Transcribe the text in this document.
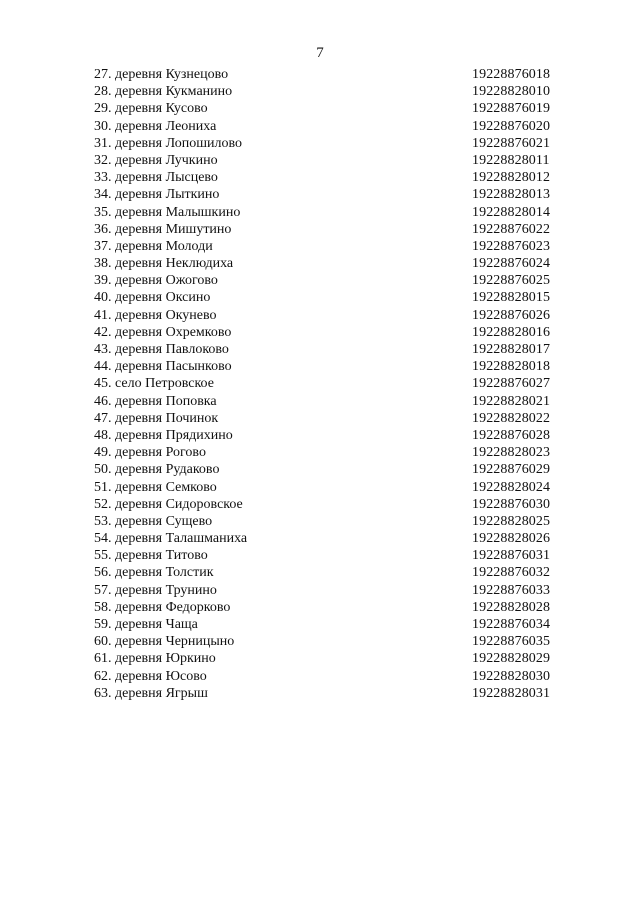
7
27. деревня Кузнецово	19228876018
28. деревня Кукманино	19228828010
29. деревня Кусово	19228876019
30. деревня Лeониха	19228876020
31. деревня Лопошилово	19228876021
32. деревня Лучкино	19228828011
33. деревня Лысцево	19228828012
34. деревня Лыткино	19228828013
35. деревня Малышкино	19228828014
36. деревня Мишутино	19228876022
37. деревня Молоди	19228876023
38. деревня Неклюдиха	19228876024
39. деревня Ожогово	19228876025
40. деревня Оксино	19228828015
41. деревня Окунево	19228876026
42. деревня Охремково	19228828016
43. деревня Павлоково	19228828017
44. деревня Пасынково	19228828018
45. село Петровское	19228876027
46. деревня Поповка	19228828021
47. деревня Починок	19228828022
48. деревня Прядихино	19228876028
49. деревня Рогово	19228828023
50. деревня Рудаково	19228876029
51. деревня Семково	19228828024
52. деревня Сидоровское	19228876030
53. деревня Сущево	19228828025
54. деревня Талашманиха	19228828026
55. деревня Титово	19228876031
56. деревня Толстик	19228876032
57. деревня Трунино	19228876033
58. деревня Федорково	19228828028
59. деревня Чаща	19228876034
60. деревня Черницыно	19228876035
61. деревня Юркино	19228828029
62. деревня Юсово	19228828030
63. деревня Ягрыш	19228828031
